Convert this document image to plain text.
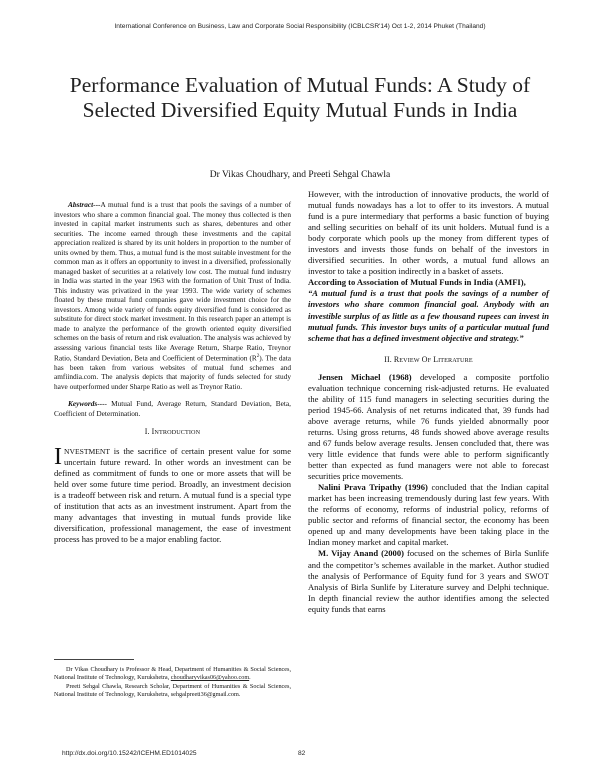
International Conference on Business, Law and Corporate Social Responsibility (ICBLCSR'14) Oct 1-2, 2014 Phuket (Thailand)
Performance Evaluation of Mutual Funds: A Study of Selected Diversified Equity Mutual Funds in India
Dr Vikas Choudhary, and Preeti Sehgal Chawla

Abstract---A mutual fund is a trust that pools the savings of a number of investors who share a common financial goal. The money thus collected is then invested in capital market instruments such as shares, debentures and other securities. The income earned through these investments and the capital appreciation realized is shared by its unit holders in proportion to the number of units owned by them. Thus, a mutual fund is the most suitable investment for the common man as it offers an opportunity to invest in a diversified, professionally managed basket of securities at a relatively low cost. The mutual fund industry in India was started in the year 1963 with the formation of Unit Trust of India. This industry was privatized in the year 1993. The wide variety of schemes floated by these mutual fund companies gave wide investment choice for the investors. Among wide variety of funds equity diversified fund is considered as substitute for direct stock market investment. In this research paper an attempt is made to analyze the performance of the growth oriented equity diversified schemes on the basis of return and risk evaluation. The analysis was achieved by assessing various financial tests like Average Return, Sharpe Ratio, Treynor Ratio, Standard Deviation, Beta and Coefficient of Determination $(R^2)$. The data has been taken from various websites of mutual fund schemes and amfiindia.com. The analysis depicts that majority of funds selected for study have outperformed under Sharpe Ratio as well as Treynor Ratio.

Keywords---- Mutual Fund, Average Return, Standard Deviation, Beta, Coefficient of Determination.
I. INTRODUCTION

INVESTMENT is the sacrifice of certain present value for some uncertain future reward. In other words an investment can be defined as commitment of funds to one or more assets that will be held over some future time period. Broadly, an investment decision is a tradeoff between risk and return. A mutual fund is a special type of institution that acts as an investment instrument. Apart from the many advantages that investing in mutual funds provide like diversification, professional management, the ease of investment process has proved to be a major enabling factor.

Dr Vikas Choudhary is Professor & Head, Department of Humanities & Social Sciences, National Institute of Technology, Kurukshetra, choudharyvikas06@yahoo.com.

Preeti Sehgal Chawla, Research Scholar, Department of Humanities & Social Sciences, National Institute of Technology, Kurukshetra, sehgalpreeti36@gmail.com.

However, with the introduction of innovative products, the world of mutual funds nowadays has a lot to offer to its investors. A mutual fund is a pure intermediary that performs a basic function of buying and selling securities on behalf of its unit holders. Mutual fund is a body corporate which pools up the money from different types of investors and invests those funds on behalf of the investors in diversified securities. In other words, a mutual fund allows an investor to take a position indirectly in a basket of assets.

According to Association of Mutual Funds in India (AMFI),

“A mutual fund is a trust that pools the savings of a number of investors who share common financial goal. Anybody with an investible surplus of as little as a few thousand rupees can invest in mutual funds. This investor buys units of a particular mutual fund scheme that has a defined investment objective and strategy.”

II. REVIEW OF LITERATURE

Jensen Michael (1968) developed a composite portfolio evaluation technique concerning risk-adjusted returns. He evaluated the ability of 115 fund managers in selecting securities during the period 1945-66. Analysis of net returns indicated that, 39 funds had above average returns, while 76 funds yielded abnormally poor returns. Using gross returns, 48 funds showed above average results and 67 funds below average results. Jensen concluded that, there was very little evidence that funds were able to perform significantly better than expected as fund managers were not able to forecast securities price movements.

Nalini Prava Tripathy (1996) concluded that the Indian capital market has been increasing tremendously during last few years. With the reforms of economy, reforms of industrial policy, reforms of public sector and reforms of financial sector, the economy has been opened up and many developments have been taking place in the Indian money market and capital market.

M. Vijay Anand (2000) focused on the schemes of Birla Sunlife and the competitor’s schemes available in the market. Author studied the analysis of Performance of Equity fund for 3 years and SWOT Analysis of Birla Sunlife by Literature survey and Delphi technique. In depth financial review the author identifies among the selected equity funds that earns

http://dx.doi.org/10.15242/ICEHM.ED1014025	82
